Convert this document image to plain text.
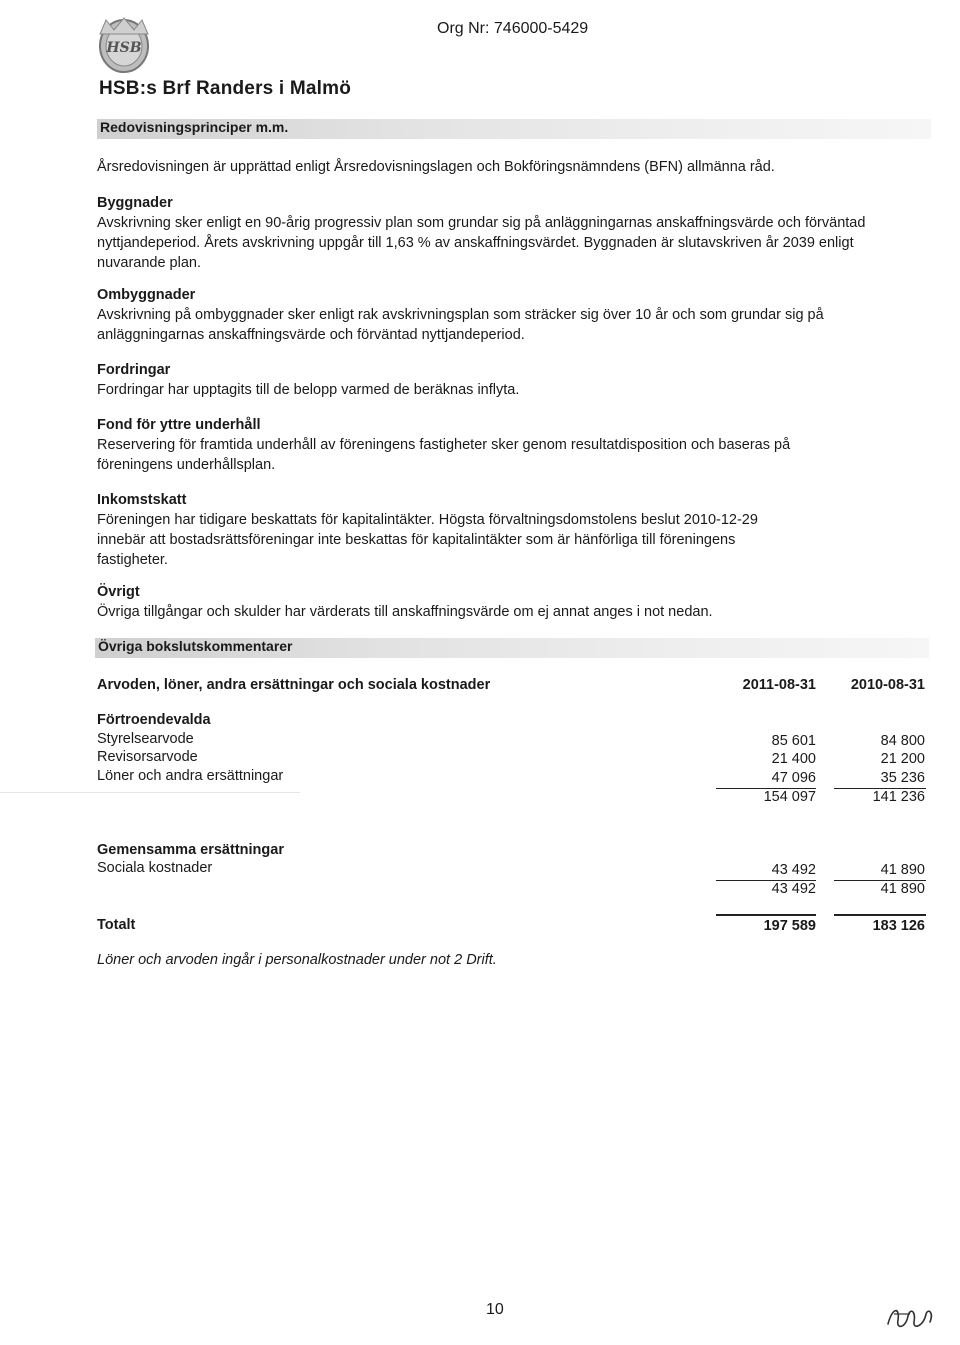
HSB
Org Nr: 746000-5429
HSB:s Brf Randers i Malmö
Redovisningsprinciper m.m.

Årsredovisningen är upprättad enligt Årsredovisningslagen och Bokföringsnämndens (BFN) allmänna råd.

Byggnader

Avskrivning sker enligt en 90-årig progressiv plan som grundar sig på anläggningarnas anskaffningsvärde och förväntad

nyttjandeperiod. Årets avskrivning uppgår till 1,63 % av anskaffningsvärdet. Byggnaden är slutavskriven år 2039 enligt

nuvarande plan.

Ombyggnader

Avskrivning på ombyggnader sker enligt rak avskrivningsplan som sträcker sig över 10 år och som grundar sig på

anläggningarnas anskaffningsvärde och förväntad nyttjandeperiod.

Fordringar

Fordringar har upptagits till de belopp varmed de beräknas inflyta.

Fond för yttre underhåll

Reservering för framtida underhåll av föreningens fastigheter sker genom resultatdisposition och baseras på

föreningens underhållsplan.

Inkomstskatt

Föreningen har tidigare beskattats för kapitalintäkter. Högsta förvaltningsdomstolens beslut 2010-12-29

innebär att bostadsrättsföreningar inte beskattas för kapitalintäkter som är hänförliga till föreningens

fastigheter.

Övrigt

Övriga tillgångar och skulder har värderats till anskaffningsvärde om ej annat anges i not nedan.

Övriga bokslutskommentarer
Arvoden, löner, andra ersättningar och sociala kostnader	2011-08-31	2010-08-31
Förtroendevalda
Styrelsearvode	85 601	84 800
Revisorsarvode	21 400	21 200
Löner och andra ersättningar	47 096	35 236
154 097	141 236
Gemensamma ersättningar
Sociala kostnader	43 492	41 890
43 492	41 890
Totalt	197 589	183 126
Löner och arvoden ingår i personalkostnader under not 2 Drift.
10
